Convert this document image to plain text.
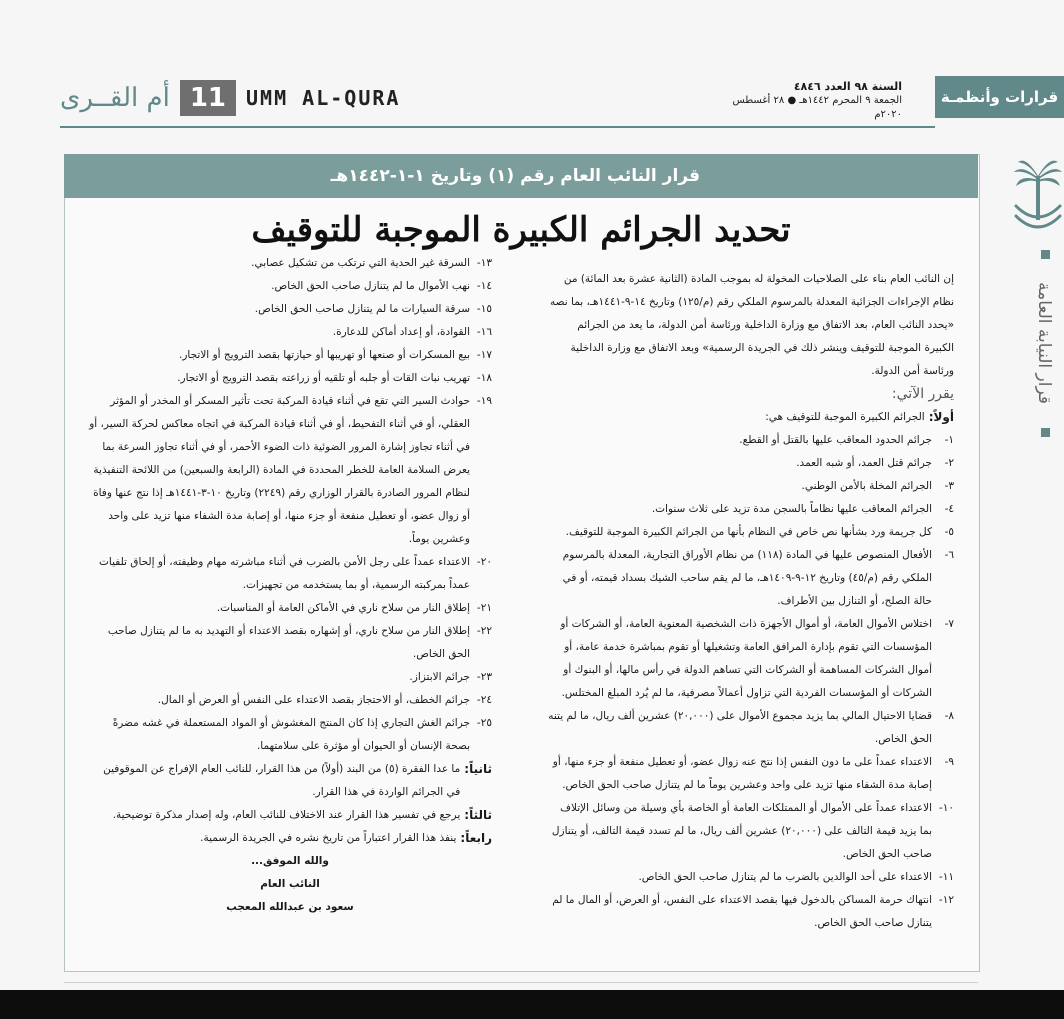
قرارات وأنظمـة
السنة ٩٨ العدد ٤٨٤٦
الجمعة ٩ المحرم ١٤٤٢هـ ● ٢٨ أغسطس ٢٠٢٠م
أم القــرى 11	UMM AL-QURA
قرار النيابة العامة
قرار النائب العام رقم (١) وتاريخ ١-١-١٤٤٢هـ
تحديد الجرائم الكبيرة الموجبة للتوقيف

إن النائب العام بناء على الصلاحيات المخولة له بموجب المادة (الثانية عشرة بعد المائة) من نظام الإجراءات الجزائية المعدلة بالمرسوم الملكي رقم (م/١٢٥) وتاريخ ١٤-٩-١٤٤١هـ، بما نصه «يحدد النائب العام، بعد الاتفاق مع وزارة الداخلية ورئاسة أمن الدولة، ما يعد من الجرائم الكبيرة الموجبة للتوقيف وينشر ذلك في الجريدة الرسمية» وبعد الاتفاق مع وزارة الداخلية ورئاسة أمن الدولة.

يقرر الآتي:

أولاً:
الجرائم الكبيرة الموجبة للتوقيف هي:
١-
جرائم الحدود المعاقب عليها بالقتل أو القطع.
٢-
جرائم قتل العمد، أو شبه العمد.
٣-
الجرائم المخلة بالأمن الوطني.
٤-
الجرائم المعاقب عليها نظاماً بالسجن مدة تزيد على ثلاث سنوات.
٥-
كل جريمة ورد بشأنها نص خاص في النظام بأنها من الجرائم الكبيرة الموجبة للتوقيف.
٦-
الأفعال المنصوص عليها في المادة (١١٨) من نظام الأوراق التجارية، المعدلة بالمرسوم الملكي رقم (م/٤٥) وتاريخ ١٢-٩-١٤٠٩هـ، ما لم يقم ساحب الشيك بسداد قيمته، أو في حالة الصلح، أو التنازل بين الأطراف.
٧-
اختلاس الأموال العامة، أو أموال الأجهزة ذات الشخصية المعنوية العامة، أو الشركات أو المؤسسات التي تقوم بإدارة المرافق العامة وتشغيلها أو تقوم بمباشرة خدمة عامة، أو أموال الشركات المساهمة أو الشركات التي تساهم الدولة في رأس مالها، أو البنوك أو الشركات أو المؤسسات الفردية التي تزاول أعمالاً مصرفية، ما لم يُرد المبلغ المختلس.
٨-
قضايا الاحتيال المالي بما يزيد مجموع الأموال على (٢٠,٠٠٠) عشرين ألف ريال، ما لم يتنه الحق الخاص.
٩-
الاعتداء عمداً على ما دون النفس إذا نتج عنه زوال عضو، أو تعطيل منفعة أو جزء منها، أو إصابة مدة الشفاء منها تزيد على واحد وعشرين يوماً ما لم يتنازل صاحب الحق الخاص.
١٠-
الاعتداء عمداً على الأموال أو الممتلكات العامة أو الخاصة بأي وسيلة من وسائل الإتلاف بما يزيد قيمة التالف على (٢٠,٠٠٠) عشرين ألف ريال، ما لم تسدد قيمة التالف، أو يتنازل صاحب الحق الخاص.
١١-
الاعتداء على أحد الوالدين بالضرب ما لم يتنازل صاحب الحق الخاص.
١٢-
انتهاك حرمة المساكن بالدخول فيها بقصد الاعتداء على النفس، أو العرض، أو المال ما لم يتنازل صاحب الحق الخاص.
١٣-
السرقة غير الحدية التي ترتكب من تشكيل عصابي.
١٤-
نهب الأموال ما لم يتنازل صاحب الحق الخاص.
١٥-
سرقة السيارات ما لم يتنازل صاحب الحق الخاص.
١٦-
القوادة، أو إعداد أماكن للدعارة.
١٧-
بيع المسكرات أو صنعها أو تهريبها أو حيازتها بقصد الترويج أو الاتجار.
١٨-
تهريب نبات القات أو جلبه أو تلقيه أو زراعته بقصد الترويج أو الاتجار.
١٩-
حوادث السير التي تقع في أثناء قيادة المركبة تحت تأثير المسكر أو المخدر أو المؤثر العقلي، أو في أثناء التفحيط، أو في أثناء قيادة المركبة في اتجاه معاكس لحركة السير، أو في أثناء تجاوز إشارة المرور الضوئية ذات الضوء الأحمر، أو في أثناء تجاوز السرعة بما يعرض السلامة العامة للخطر المحددة في المادة (الرابعة والسبعين) من اللائحة التنفيذية لنظام المرور الصادرة بالقرار الوزاري رقم (٢٢٤٩) وتاريخ ١٠-٣-١٤٤١هـ إذا نتج عنها وفاة أو زوال عضو، أو تعطيل منفعة أو جزء منها، أو إصابة مدة الشفاء منها تزيد على واحد وعشرين يوماً.
٢٠-
الاعتداء عمداً على رجل الأمن بالضرب في أثناء مباشرته مهام وظيفته، أو إلحاق تلفيات عمداً بمركبته الرسمية، أو بما يستخدمه من تجهيزات.
٢١-
إطلاق النار من سلاح ناري في الأماكن العامة أو المناسبات.
٢٢-
إطلاق النار من سلاح ناري، أو إشهاره بقصد الاعتداء أو التهديد به ما لم يتنازل صاحب الحق الخاص.
٢٣-
جرائم الابتزاز.
٢٤-
جرائم الخطف، أو الاحتجاز بقصد الاعتداء على النفس أو العرض أو المال.
٢٥-
جرائم الغش التجاري إذا كان المنتج المغشوش أو المواد المستعملة في غشه مضرةً بصحة الإنسان أو الحيوان أو مؤثرة على سلامتهما.
ثانياً:
ما عدا الفقرة (٥) من البند (أولاً) من هذا القرار، للنائب العام الإفراج عن الموقوفين في الجرائم الواردة في هذا القرار.
ثالثاً:
يرجع في تفسير هذا القرار عند الاختلاف للنائب العام، وله إصدار مذكرة توضيحية.
رابعاً:
ينفذ هذا القرار اعتباراً من تاريخ نشره في الجريدة الرسمية.

والله الموفق...

النائب العام

سعود بن عبدالله المعجب
